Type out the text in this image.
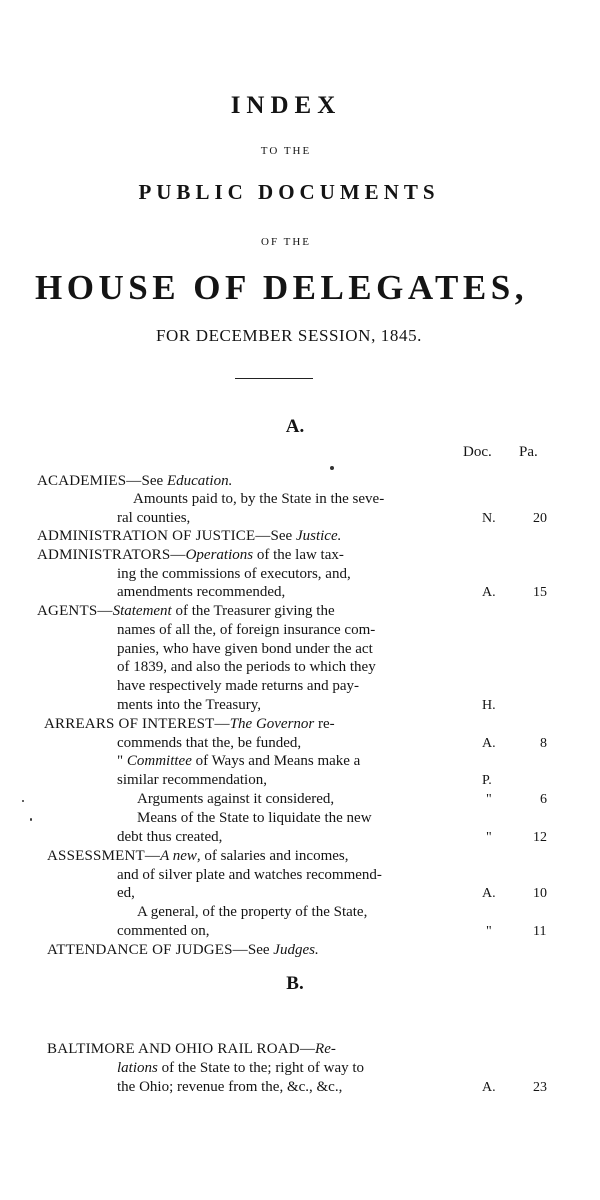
INDEX
TO THE
PUBLIC DOCUMENTS
OF THE
HOUSE OF DELEGATES,
FOR DECEMBER SESSION, 1845.
A.
Doc. Pa.
ACADEMIES—See Education.
Amounts paid to, by the State in the seve-
ral counties,	N.	20
ADMINISTRATION OF JUSTICE—See Justice.
ADMINISTRATORS—Operations of the law tax-
ing the commissions of executors, and,
amendments recommended,	A.	15
AGENTS—Statement of the Treasurer giving the
names of all the, of foreign insurance com-
panies, who have given bond under the act
of 1839, and also the periods to which they
have respectively made returns and pay-
ments into the Treasury,	H.
ARREARS OF INTEREST—The Governor re-
commends that the, be funded,	A.	8
" Committee of Ways and Means make a
similar recommendation,	P.
Arguments against it considered,	"	6
Means of the State to liquidate the new
debt thus created,	"	12
ASSESSMENT—A new, of salaries and incomes,
and of silver plate and watches recommend-
ed,	A.	10
A general, of the property of the State,
commented on,	"	11
ATTENDANCE OF JUDGES—See Judges.
B.
BALTIMORE AND OHIO RAIL ROAD—Re-
lations of the State to the; right of way to
the Ohio; revenue from the, &c., &c.,	A.	23
